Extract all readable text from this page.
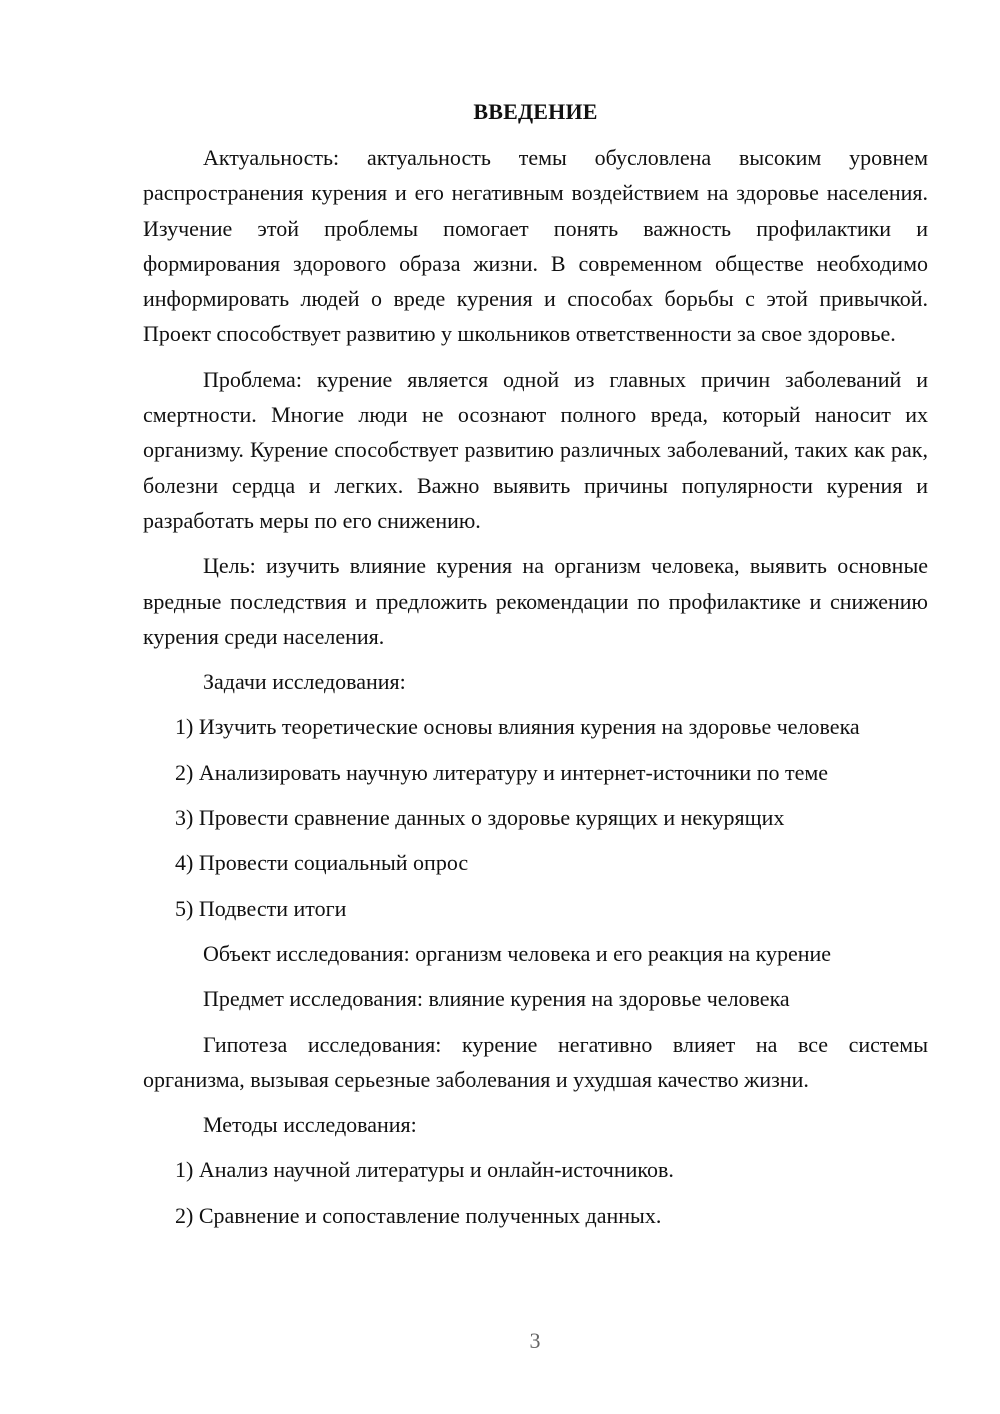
ВВЕДЕНИЕ

Актуальность: актуальность темы обусловлена высоким уровнем распространения курения и его негативным воздействием на здоровье населения. Изучение этой проблемы помогает понять важность профилактики и формирования здорового образа жизни. В современном обществе необходимо информировать людей о вреде курения и способах борьбы с этой привычкой. Проект способствует развитию у школьников ответственности за свое здоровье.

Проблема: курение является одной из главных причин заболеваний и смертности. Многие люди не осознают полного вреда, который наносит их организму. Курение способствует развитию различных заболеваний, таких как рак, болезни сердца и легких. Важно выявить причины популярности курения и разработать меры по его снижению.

Цель: изучить влияние курения на организм человека, выявить основные вредные последствия и предложить рекомендации по профилактике и снижению курения среди населения.

Задачи исследования:

1) Изучить теоретические основы влияния курения на здоровье человека

2) Анализировать научную литературу и интернет-источники по теме

3) Провести сравнение данных о здоровье курящих и некурящих

4) Провести социальный опрос

5) Подвести итоги

Объект исследования: организм человека и его реакция на курение

Предмет исследования: влияние курения на здоровье человека

Гипотеза исследования: курение негативно влияет на все системы организма, вызывая серьезные заболевания и ухудшая качество жизни.

Методы исследования:

1) Анализ научной литературы и онлайн-источников.

2) Сравнение и сопоставление полученных данных.

3
